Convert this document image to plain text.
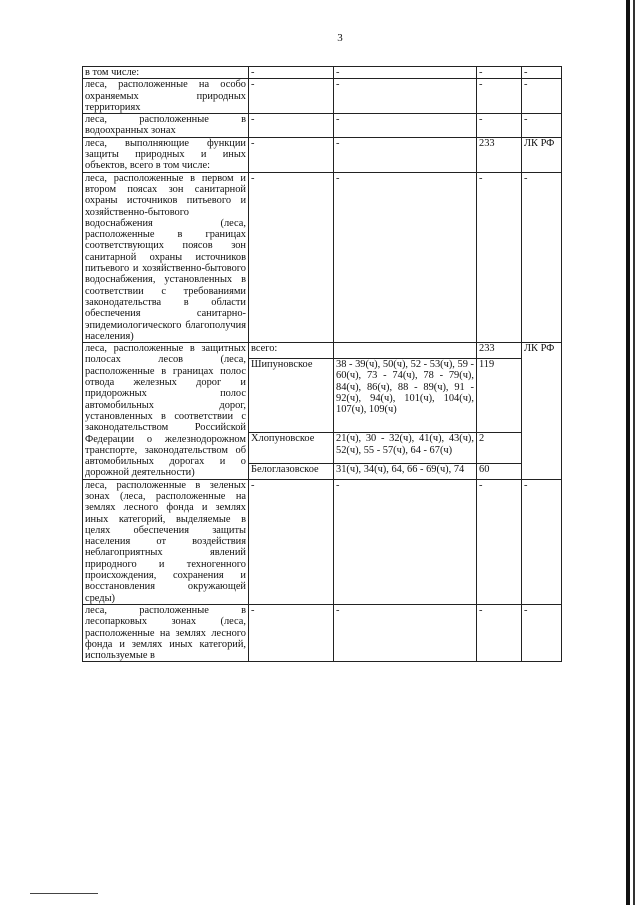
3
в том числе:	-	-	-	-
леса, расположенные на особо охраняемых природных территориях	-	-	-	-
леса, расположенные в водоохранных зонах	-	-	-	-
леса, выполняющие функции защиты природных и иных объектов, всего в том числе:	-	-	233	ЛК РФ
леса, расположенные в первом и втором поясах зон санитарной охраны источников питьевого и хозяйственно-бытового водоснабжения (леса, расположенные в границах соответствующих поясов зон санитарной охраны источников питьевого и хозяйственно-бытового водоснабжения, установленных в соответствии с требованиями законодательства в области обеспечения санитарно-эпидемиологического благополучия населения)	-	-	-	-
леса, расположенные в защитных полосах лесов (леса, расположенные в границах полос отвода железных дорог и придорожных полос автомобильных дорог, установленных в соответствии с законодательством Российской Федерации о железнодорожном транспорте, законодательством об автомобильных дорогах и о дорожной деятельности)	всего:		233	ЛК РФ
	Шипуновское	38 - 39(ч), 50(ч), 52 - 53(ч), 59 - 60(ч), 73 - 74(ч), 78 - 79(ч), 84(ч), 86(ч), 88 - 89(ч), 91 - 92(ч), 94(ч), 101(ч), 104(ч), 107(ч), 109(ч)	119	
	Хлопуновское	21(ч), 30 - 32(ч), 41(ч), 43(ч), 52(ч), 55 - 57(ч), 64 - 67(ч)	2	
	Белоглазовское	31(ч), 34(ч), 64, 66 - 69(ч), 74	60	
леса, расположенные в зеленых зонах (леса, расположенные на землях лесного фонда и землях иных категорий, выделяемые в целях обеспечения защиты населения от воздействия неблагоприятных явлений природного и техногенного происхождения, сохранения и восстановления окружающей среды)	-	-	-	-
леса, расположенные в лесопарковых зонах (леса, расположенные на землях лесного фонда и землях иных категорий, используемые в	-	-	-	-
